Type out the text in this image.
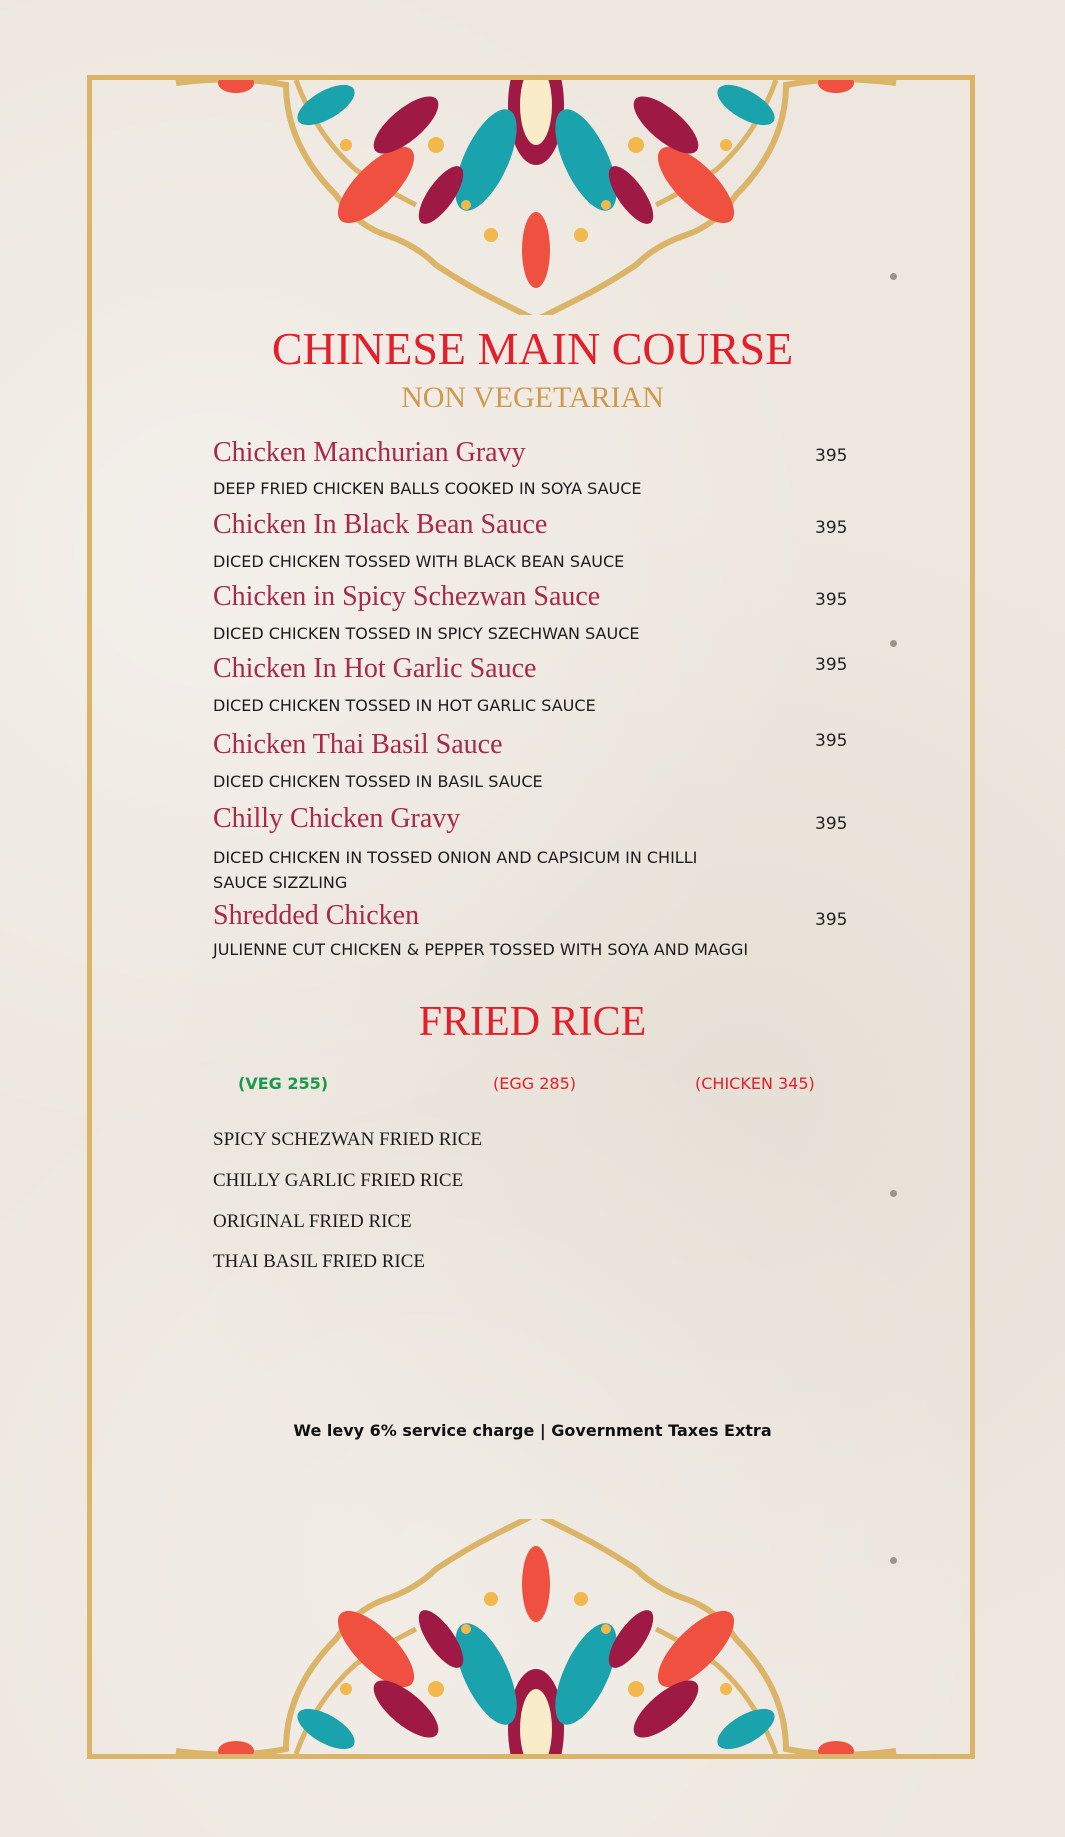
CHINESE MAIN COURSE
NON VEGETARIAN
Chicken Manchurian Gravy	395
DEEP FRIED CHICKEN BALLS COOKED IN SOYA SAUCE
Chicken In Black Bean Sauce	395
DICED CHICKEN TOSSED WITH BLACK BEAN SAUCE
Chicken in Spicy Schezwan Sauce	395
DICED CHICKEN TOSSED IN SPICY SZECHWAN SAUCE
Chicken In Hot Garlic Sauce	395
DICED CHICKEN TOSSED IN HOT GARLIC SAUCE
Chicken Thai Basil Sauce	395
DICED CHICKEN TOSSED IN BASIL SAUCE
Chilly Chicken Gravy	395
DICED CHICKEN IN TOSSED ONION AND CAPSICUM IN CHILLI SAUCE SIZZLING
Shredded Chicken	395
JULIENNE CUT CHICKEN & PEPPER TOSSED WITH SOYA AND MAGGI
FRIED RICE
(VEG 255)	(EGG 285)	(CHICKEN 345)
SPICY SCHEZWAN FRIED RICE
CHILLY GARLIC FRIED RICE
ORIGINAL FRIED RICE
THAI BASIL FRIED RICE
We levy 6% service charge | Government Taxes Extra
